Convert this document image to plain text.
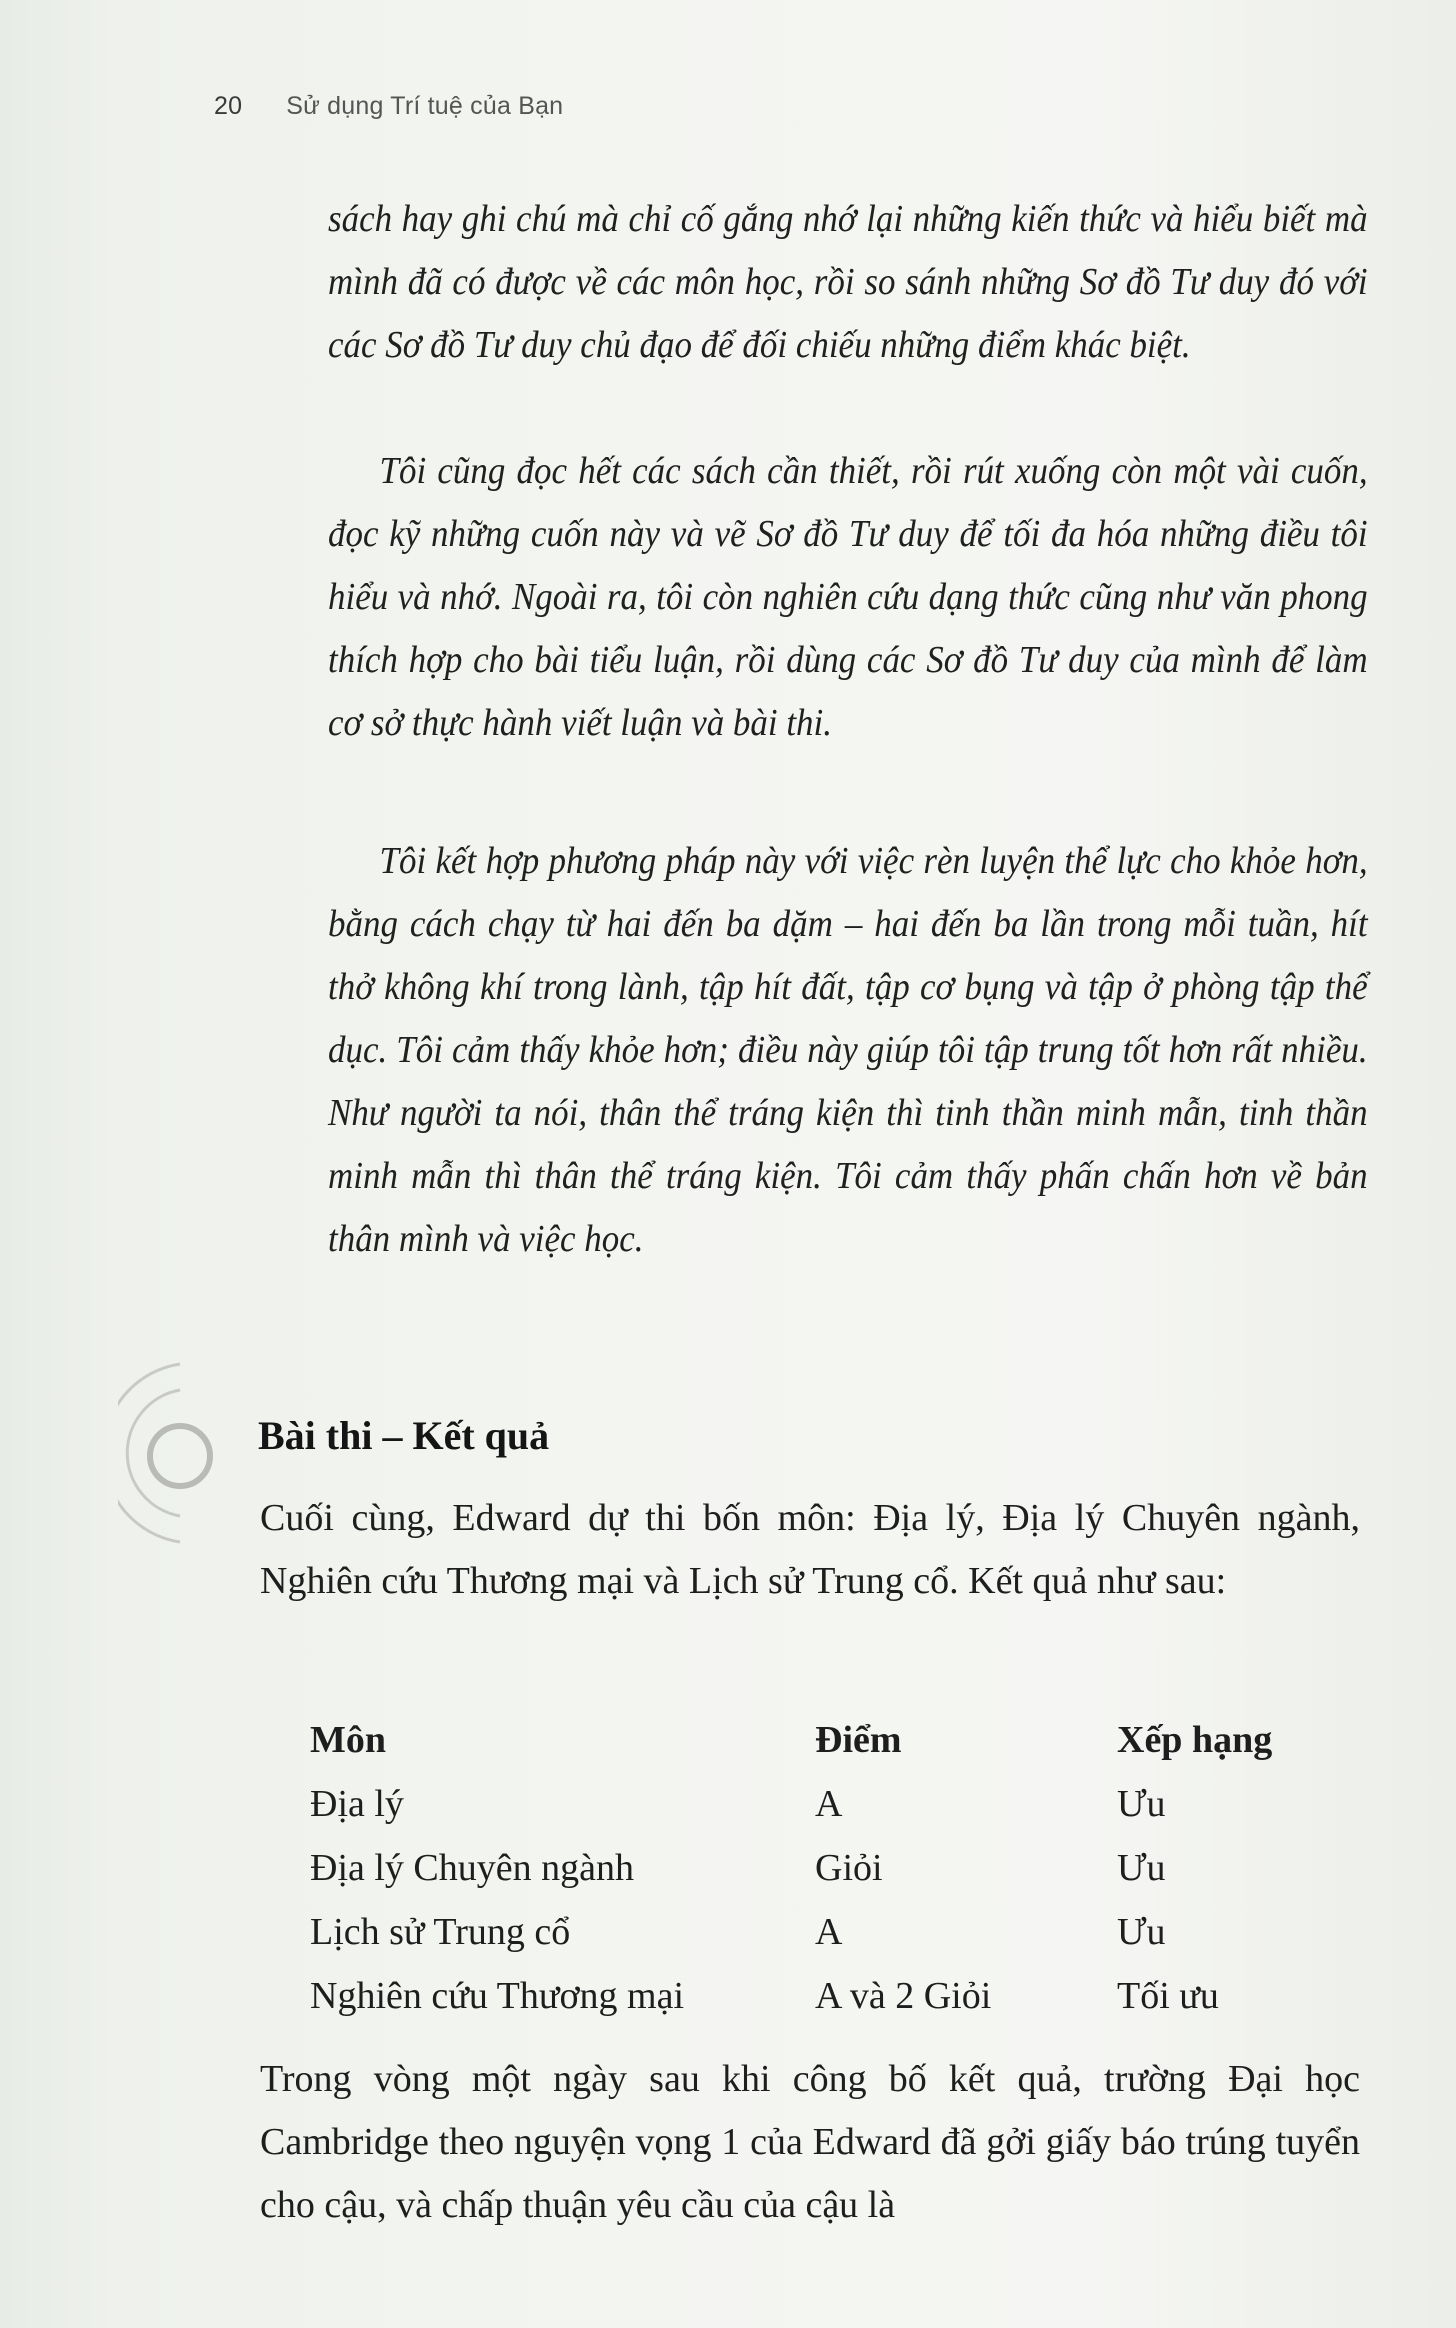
20 Sử dụng Trí tuệ của Bạn

sách hay ghi chú mà chỉ cố gắng nhớ lại những kiến thức và hiểu biết mà mình đã có được về các môn học, rồi so sánh những Sơ đồ Tư duy đó với các Sơ đồ Tư duy chủ đạo để đối chiếu những điểm khác biệt.

Tôi cũng đọc hết các sách cần thiết, rồi rút xuống còn một vài cuốn, đọc kỹ những cuốn này và vẽ Sơ đồ Tư duy để tối đa hóa những điều tôi hiểu và nhớ. Ngoài ra, tôi còn nghiên cứu dạng thức cũng như văn phong thích hợp cho bài tiểu luận, rồi dùng các Sơ đồ Tư duy của mình để làm cơ sở thực hành viết luận và bài thi.

Tôi kết hợp phương pháp này với việc rèn luyện thể lực cho khỏe hơn, bằng cách chạy từ hai đến ba dặm – hai đến ba lần trong mỗi tuần, hít thở không khí trong lành, tập hít đất, tập cơ bụng và tập ở phòng tập thể dục. Tôi cảm thấy khỏe hơn; điều này giúp tôi tập trung tốt hơn rất nhiều. Như người ta nói, thân thể tráng kiện thì tinh thần minh mẫn, tinh thần minh mẫn thì thân thể tráng kiện. Tôi cảm thấy phấn chấn hơn về bản thân mình và việc học.

Bài thi – Kết quả

Cuối cùng, Edward dự thi bốn môn: Địa lý, Địa lý Chuyên ngành, Nghiên cứu Thương mại và Lịch sử Trung cổ. Kết quả như sau:

Môn	Điểm	Xếp hạng
Địa lý	A	Ưu
Địa lý Chuyên ngành	Giỏi	Ưu
Lịch sử Trung cổ	A	Ưu
Nghiên cứu Thương mại	A và 2 Giỏi	Tối ưu

Trong vòng một ngày sau khi công bố kết quả, trường Đại học Cambridge theo nguyện vọng 1 của Edward đã gởi giấy báo trúng tuyển cho cậu, và chấp thuận yêu cầu của cậu là
